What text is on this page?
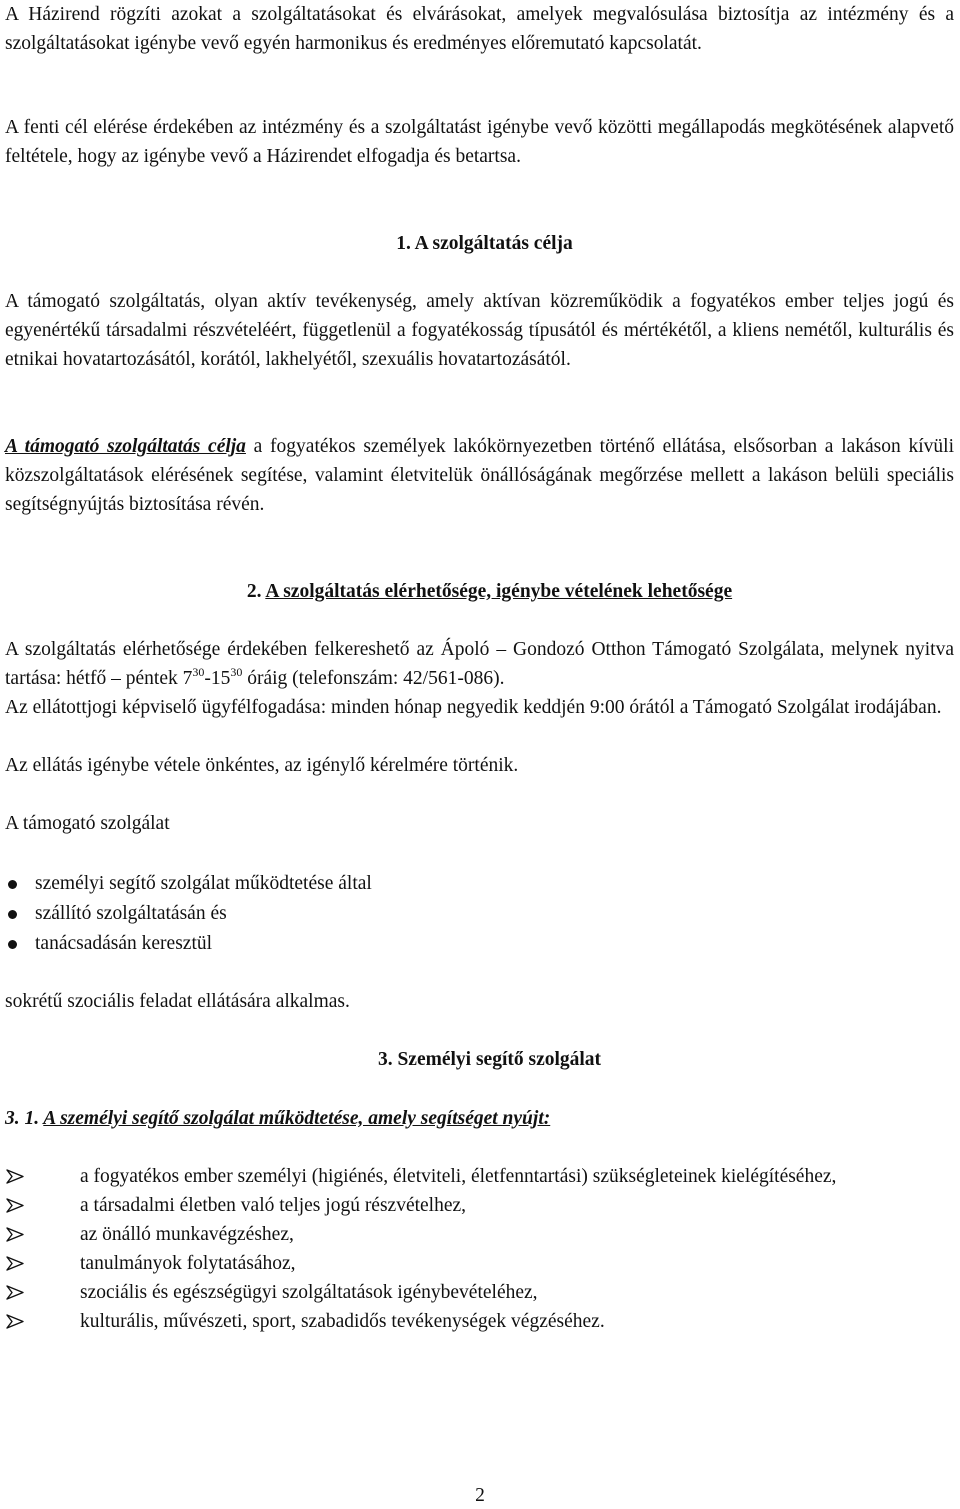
A Házirend rögzíti azokat a szolgáltatásokat és elvárásokat, amelyek megvalósulása biztosítja az intézmény és a szolgáltatásokat igénybe vevő egyén harmonikus és eredményes előremutató kapcsolatát.

A fenti cél elérése érdekében az intézmény és a szolgáltatást igénybe vevő közötti megállapodás megkötésének alapvető feltétele, hogy az igénybe vevő a Házirendet elfogadja és betartsa.

1. A szolgáltatás célja

A támogató szolgáltatás, olyan aktív tevékenység, amely aktívan közreműködik a fogyatékos ember teljes jogú és egyenértékű társadalmi részvételéért, függetlenül a fogyatékosság típusától és mértékétől, a kliens nemétől, kulturális és etnikai hovatartozásától, korától, lakhelyétől, szexuális hovatartozásától.

A támogató szolgáltatás célja a fogyatékos személyek lakókörnyezetben történő ellátása, elsősorban a lakáson kívüli közszolgáltatások elérésének segítése, valamint életvitelük önállóságának megőrzése mellett a lakáson belüli speciális segítségnyújtás biztosítása révén.

2. A szolgáltatás elérhetősége, igénybe vételének lehetősége

A szolgáltatás elérhetősége érdekében felkereshető az Ápoló – Gondozó Otthon Támogató Szolgálata, melynek nyitva tartása: hétfő – péntek $7^{30}-15^{30}$ óráig (telefonszám: 42/561-086).

Az ellátottjogi képviselő ügyfélfogadása: minden hónap negyedik keddjén 9:00 órától a Támogató Szolgálat irodájában.

Az ellátás igénybe vétele önkéntes, az igénylő kérelmére történik.

A támogató szolgálat

személyi segítő szolgálat működtetése által
szállító szolgáltatásán és
tanácsadásán keresztül

sokrétű szociális feladat ellátására alkalmas.

3. Személyi segítő szolgálat

3. 1. A személyi segítő szolgálat működtetése, amely segítséget nyújt:

a fogyatékos ember személyi (higiénés, életviteli, életfenntartási) szükségleteinek kielégítéséhez,
a társadalmi életben való teljes jogú részvételhez,
az önálló munkavégzéshez,
tanulmányok folytatásához,
szociális és egészségügyi szolgáltatások igénybevételéhez,
kulturális, művészeti, sport, szabadidős tevékenységek végzéséhez.
2
